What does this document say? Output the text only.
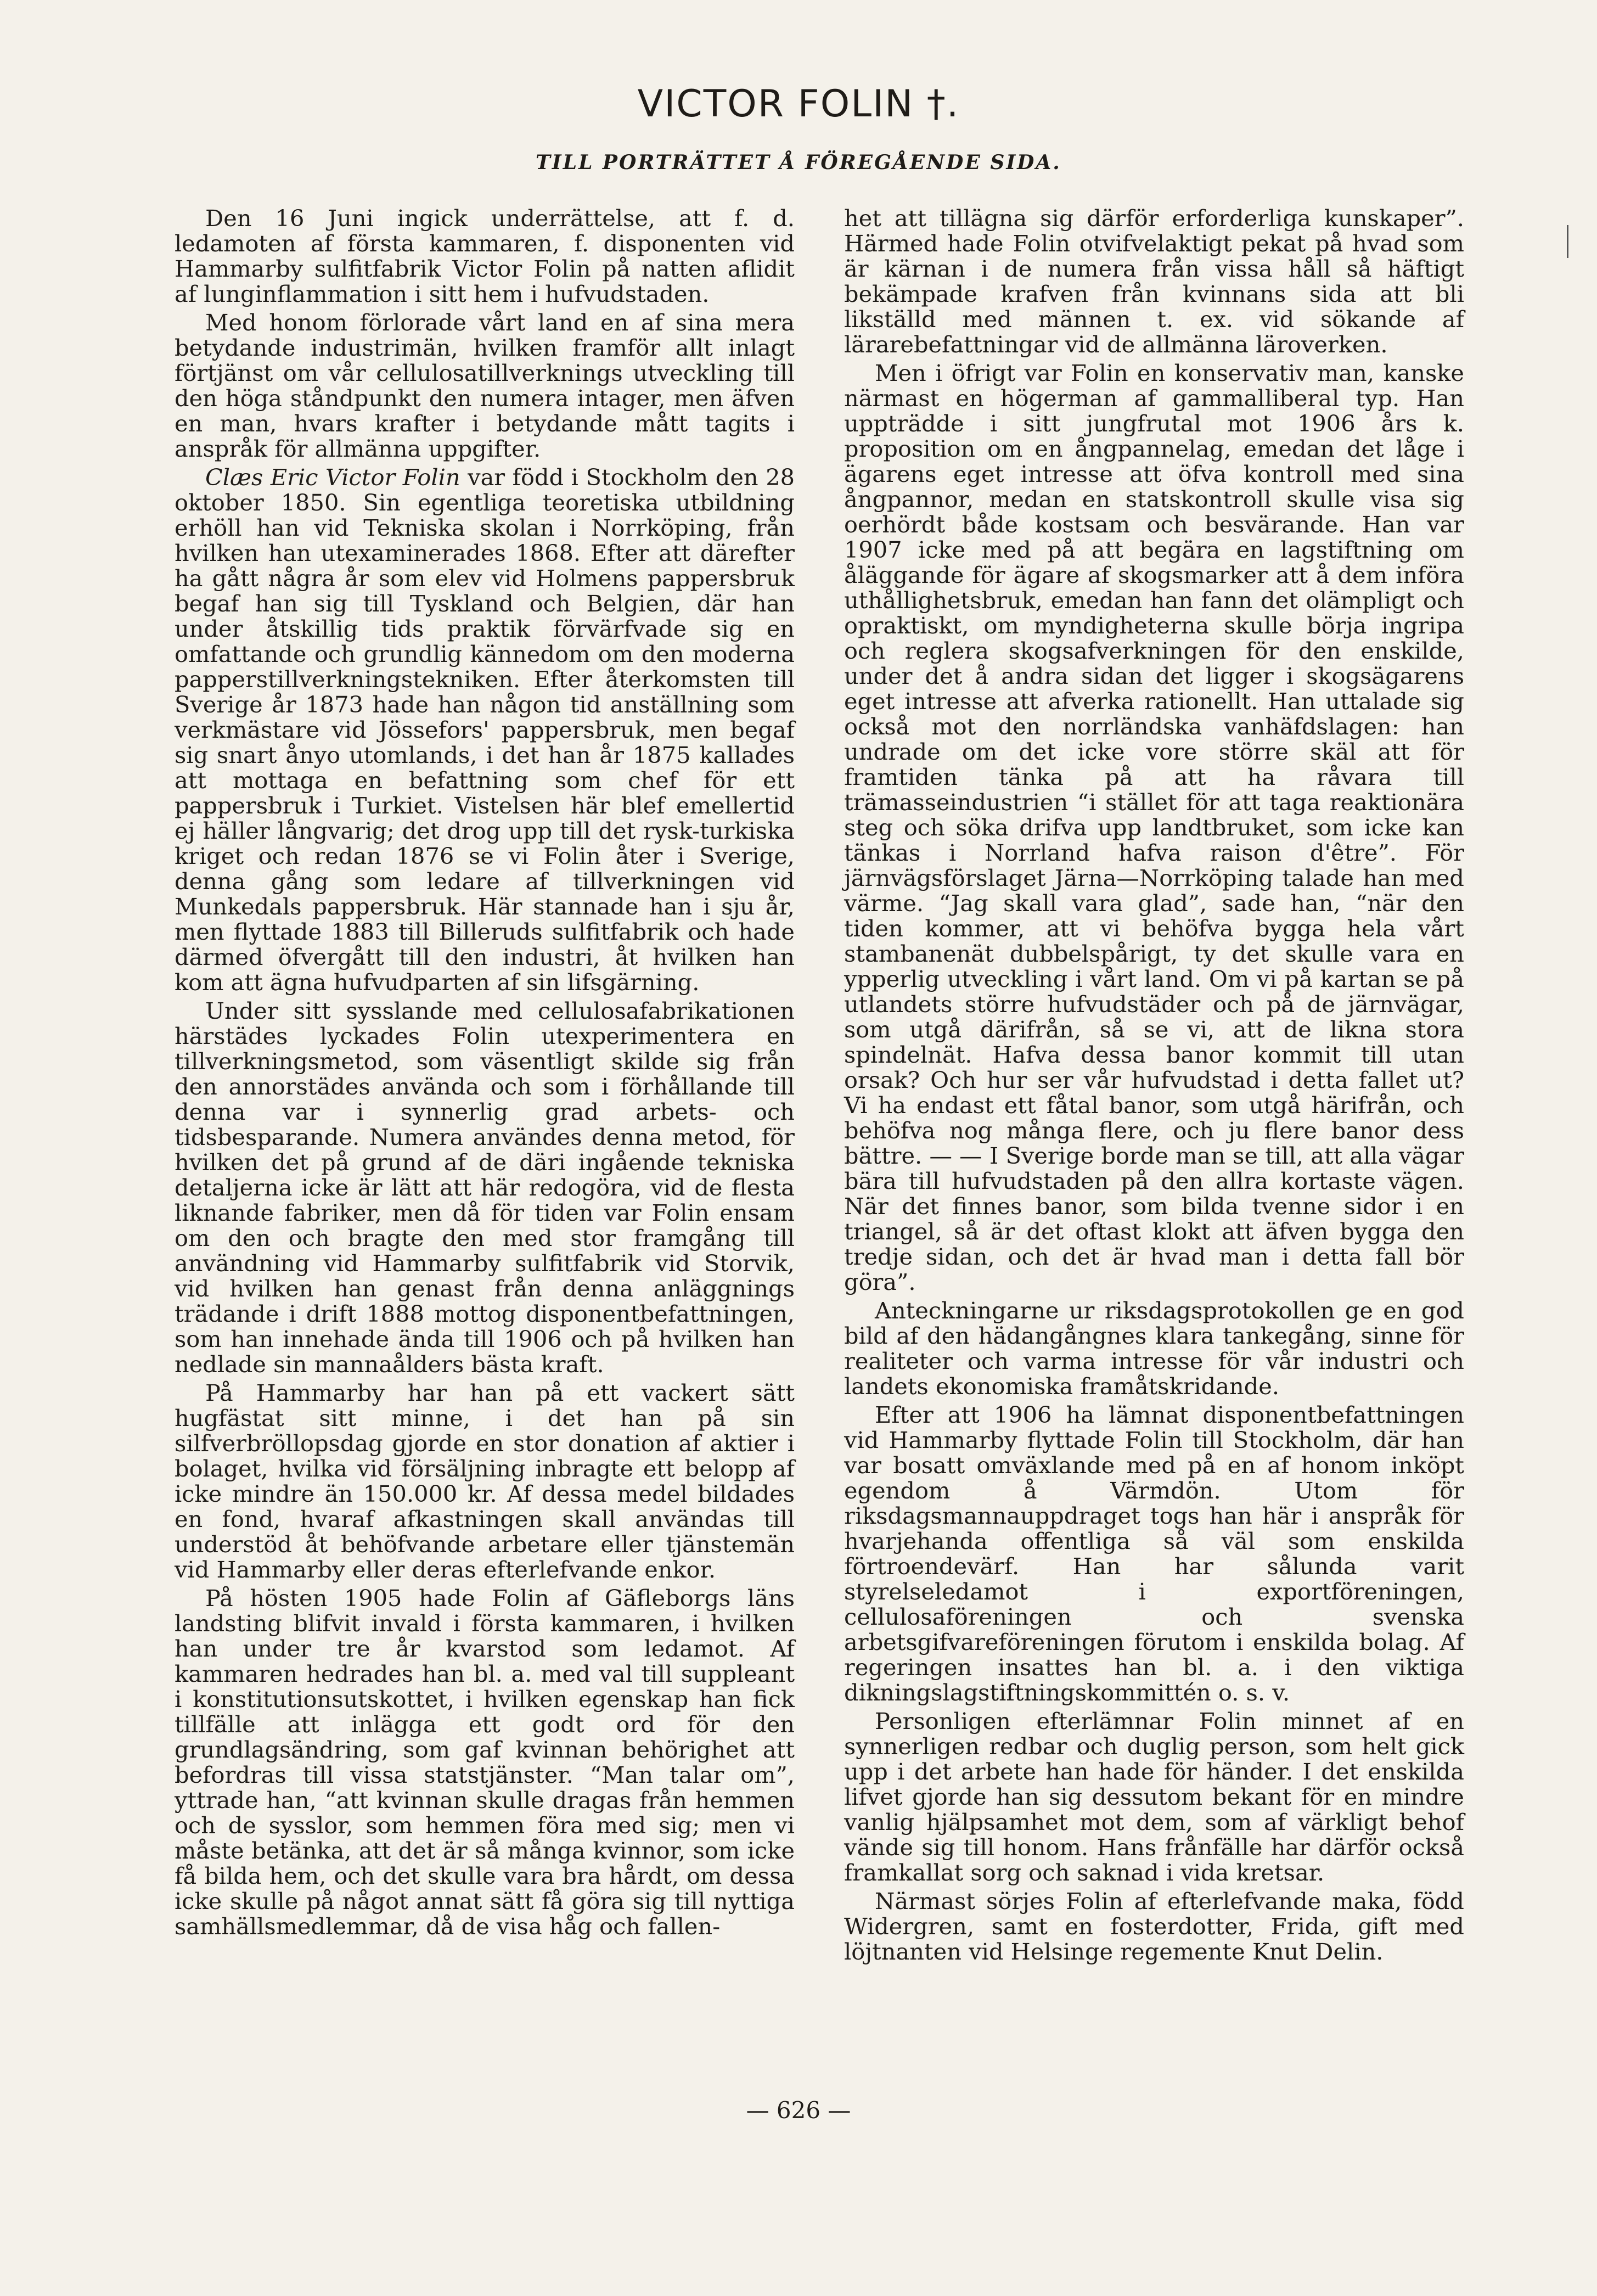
VICTOR FOLIN †.
TILL PORTRÄTTET Å FÖREGÅENDE SIDA.

Den 16 Juni ingick underrättelse, att f. d. ledamoten af första kammaren, f. disponenten vid Hammarby sulfitfabrik Victor Folin på natten aflidit af lunginflammation i sitt hem i hufvudstaden.

Med honom förlorade vårt land en af sina mera betydande industrimän, hvilken framför allt inlagt förtjänst om vår cellulosatillverknings utveckling till den höga ståndpunkt den numera intager, men äfven en man, hvars krafter i betydande mått tagits i anspråk för allmänna uppgifter.

Clæs Eric Victor Folin var född i Stockholm den 28 oktober 1850. Sin egentliga teoretiska utbildning erhöll han vid Tekniska skolan i Norrköping, från hvilken han utexaminerades 1868. Efter att därefter ha gått några år som elev vid Holmens pappersbruk begaf han sig till Tyskland och Belgien, där han under åtskillig tids praktik förvärfvade sig en omfattande och grundlig kännedom om den moderna papperstillverkningstekniken. Efter återkomsten till Sverige år 1873 hade han någon tid anställning som verkmästare vid Jössefors' pappersbruk, men begaf sig snart ånyo utomlands, i det han år 1875 kallades att mottaga en befattning som chef för ett pappersbruk i Turkiet. Vistelsen här blef emellertid ej häller långvarig; det drog upp till det rysk-turkiska kriget och redan 1876 se vi Folin åter i Sverige, denna gång som ledare af tillverkningen vid Munkedals pappersbruk. Här stannade han i sju år, men flyttade 1883 till Billeruds sulfitfabrik och hade därmed öfvergått till den industri, åt hvilken han kom att ägna hufvudparten af sin lifsgärning.

Under sitt sysslande med cellulosafabrikationen härstädes lyckades Folin utexperimentera en tillverkningsmetod, som väsentligt skilde sig från den annorstädes använda och som i förhållande till denna var i synnerlig grad arbets- och tidsbesparande. Numera användes denna metod, för hvilken det på grund af de däri ingående tekniska detaljerna icke är lätt att här redogöra, vid de flesta liknande fabriker, men då för tiden var Folin ensam om den och bragte den med stor framgång till användning vid Hammarby sulfitfabrik vid Storvik, vid hvilken han genast från denna anläggnings trädande i drift 1888 mottog disponentbefattningen, som han innehade ända till 1906 och på hvilken han nedlade sin mannaålders bästa kraft.

På Hammarby har han på ett vackert sätt hugfästat sitt minne, i det han på sin silfverbröllopsdag gjorde en stor donation af aktier i bolaget, hvilka vid försäljning inbragte ett belopp af icke mindre än 150.000 kr. Af dessa medel bildades en fond, hvaraf afkastningen skall användas till understöd åt behöfvande arbetare eller tjänstemän vid Hammarby eller deras efterlefvande enkor.

På hösten 1905 hade Folin af Gäfleborgs läns landsting blifvit invald i första kammaren, i hvilken han under tre år kvarstod som ledamot. Af kammaren hedrades han bl. a. med val till suppleant i konstitutionsutskottet, i hvilken egenskap han fick tillfälle att inlägga ett godt ord för den grundlagsändring, som gaf kvinnan behörighet att befordras till vissa statstjänster. “Man talar om”, yttrade han, “att kvinnan skulle dragas från hemmen och de sysslor, som hemmen föra med sig; men vi måste betänka, att det är så många kvinnor, som icke få bilda hem, och det skulle vara bra hårdt, om dessa icke skulle på något annat sätt få göra sig till nyttiga samhällsmedlemmar, då de visa håg och fallen-

het att tillägna sig därför erforderliga kunskaper”. Härmed hade Folin otvifvelaktigt pekat på hvad som är kärnan i de numera från vissa håll så häftigt bekämpade krafven från kvinnans sida att bli likställd med männen t. ex. vid sökande af lärarebefattningar vid de allmänna läroverken.

Men i öfrigt var Folin en konservativ man, kanske närmast en högerman af gammalliberal typ. Han uppträdde i sitt jungfrutal mot 1906 års k. proposition om en ångpannelag, emedan det låge i ägarens eget intresse att öfva kontroll med sina ångpannor, medan en statskontroll skulle visa sig oerhördt både kostsam och besvärande. Han var 1907 icke med på att begära en lagstiftning om åläggande för ägare af skogsmarker att å dem införa uthållighetsbruk, emedan han fann det olämpligt och opraktiskt, om myndigheterna skulle börja ingripa och reglera skogsafverkningen för den enskilde, under det å andra sidan det ligger i skogsägarens eget intresse att afverka rationellt. Han uttalade sig också mot den norrländska vanhäfdslagen: han undrade om det icke vore större skäl att för framtiden tänka på att ha råvara till trämasseindustrien “i stället för att taga reaktionära steg och söka drifva upp landtbruket, som icke kan tänkas i Norrland hafva raison d'être”. För järnvägsförslaget Järna—Norrköping talade han med värme. “Jag skall vara glad”, sade han, “när den tiden kommer, att vi behöfva bygga hela vårt stambanenät dubbelspårigt, ty det skulle vara en ypperlig utveckling i vårt land. Om vi på kartan se på utlandets större hufvudstäder och på de järnvägar, som utgå därifrån, så se vi, att de likna stora spindelnät. Hafva dessa banor kommit till utan orsak? Och hur ser vår hufvudstad i detta fallet ut? Vi ha endast ett fåtal banor, som utgå härifrån, och behöfva nog många flere, och ju flere banor dess bättre. — — I Sverige borde man se till, att alla vägar bära till hufvudstaden på den allra kortaste vägen. När det finnes banor, som bilda tvenne sidor i en triangel, så är det oftast klokt att äfven bygga den tredje sidan, och det är hvad man i detta fall bör göra”.

Anteckningarne ur riksdagsprotokollen ge en god bild af den hädangångnes klara tankegång, sinne för realiteter och varma intresse för vår industri och landets ekonomiska framåtskridande.

Efter att 1906 ha lämnat disponentbefattningen vid Hammarby flyttade Folin till Stockholm, där han var bosatt omväxlande med på en af honom inköpt egendom å Värmdön. Utom för riksdagsmannauppdraget togs han här i anspråk för hvarjehanda offentliga så väl som enskilda förtroendevärf. Han har sålunda varit styrelseledamot i exportföreningen, cellulosaföreningen och svenska arbetsgifvareföreningen förutom i enskilda bolag. Af regeringen insattes han bl. a. i den viktiga dikningslagstiftningskommittén o. s. v.

Personligen efterlämnar Folin minnet af en synnerligen redbar och duglig person, som helt gick upp i det arbete han hade för händer. I det enskilda lifvet gjorde han sig dessutom bekant för en mindre vanlig hjälpsamhet mot dem, som af värkligt behof vände sig till honom. Hans frånfälle har därför också framkallat sorg och saknad i vida kretsar.

Närmast sörjes Folin af efterlefvande maka, född Widergren, samt en fosterdotter, Frida, gift med löjtnanten vid Helsinge regemente Knut Delin.

— 626 —
